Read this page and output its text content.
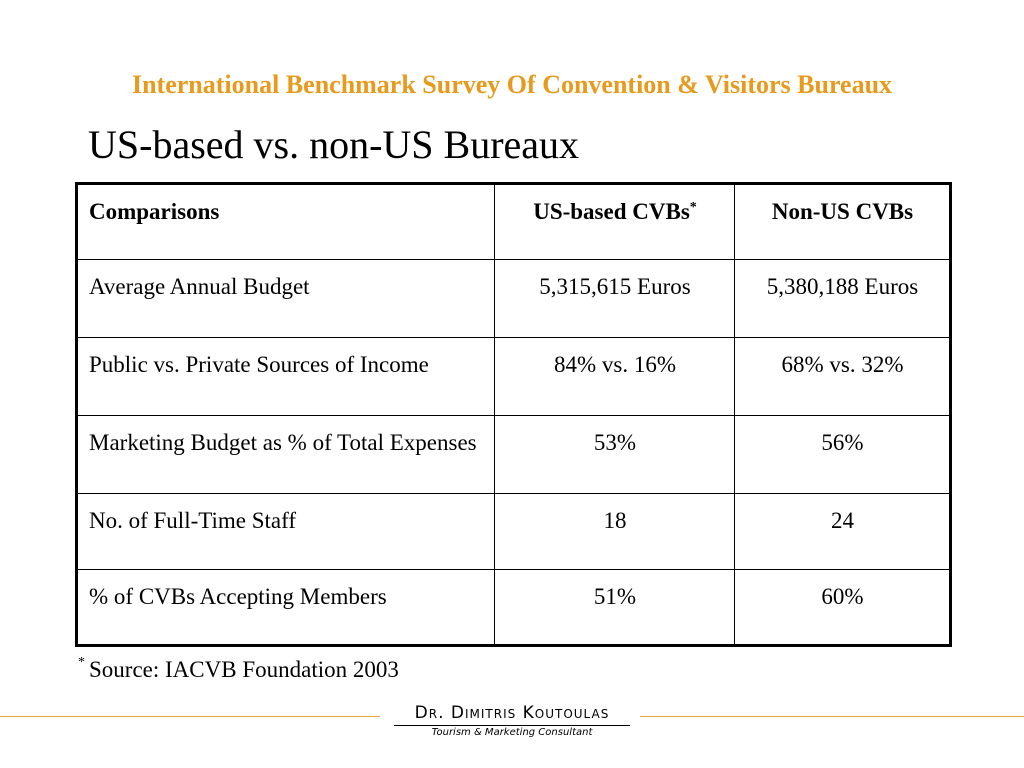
International Benchmark Survey Of Convention & Visitors Bureaux
US-based vs. non-US Bureaux
Comparisons	US-based CVBs*	Non-US CVBs
Average Annual Budget	5,315,615 Euros	5,380,188 Euros
Public vs. Private Sources of Income	84% vs. 16%	68% vs. 32%
Marketing Budget as % of Total Expenses	53%	56%
No. of Full-Time Staff	18	24
% of CVBs Accepting Members	51%	60%
* Source: IACVB Foundation 2003
Dr. Dimitris Koutoulas
Tourism & Marketing Consultant
